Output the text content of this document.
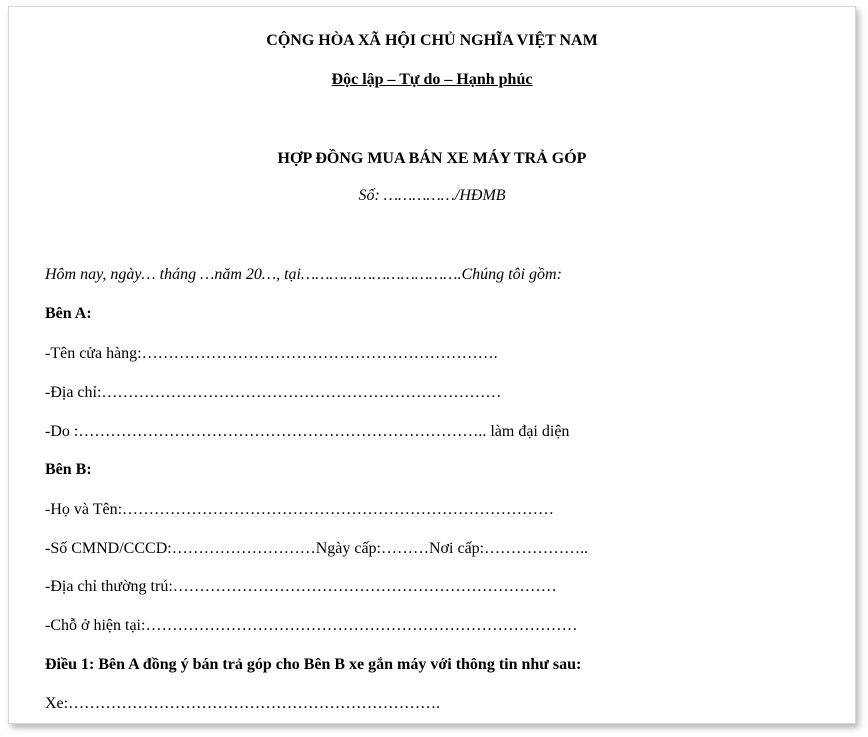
CỘNG HÒA XÃ HỘI CHỦ NGHĨA VIỆT NAM
Độc lập – Tự do – Hạnh phúc
HỢP ĐỒNG MUA BÁN XE MÁY TRẢ GÓP
Số: ……………/HĐMB
Hôm nay, ngày… tháng …năm 20…, tại…………………………….Chúng tôi gồm:
Bên A:
-Tên cửa hàng:………………………………………………………….
-Địa chỉ:…………………………………………………………………
-Do :………………………………………………………………….. làm đại diện
Bên B:
-Họ và Tên:………………………………………………………………………
-Số CMND/CCCD:………………………Ngày cấp:………Nơi cấp:………………..
-Địa chỉ thường trú:………………………………………………………………
-Chỗ ở hiện tại:………………………………………………………………………
Điều 1: Bên A đồng ý bán trả góp cho Bên B xe gắn máy với thông tin như sau:
Xe:…………………………………………………………….
